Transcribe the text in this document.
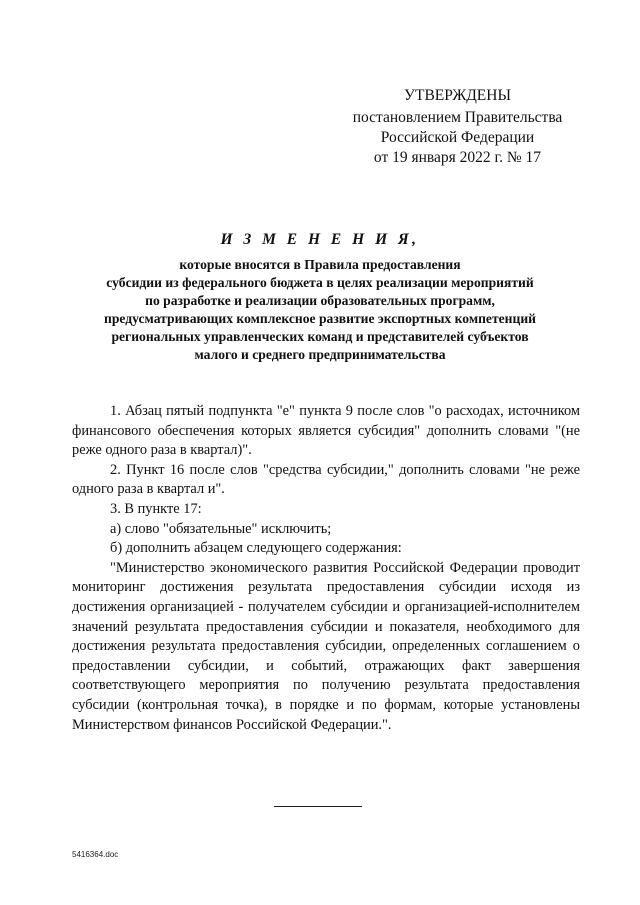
УТВЕРЖДЕНЫ
постановлением Правительства
Российской Федерации
от 19 января 2022 г. № 17
И З М Е Н Е Н И Я,
которые вносятся в Правила предоставления
субсидии из федерального бюджета в целях реализации мероприятий
по разработке и реализации образовательных программ,
предусматривающих комплексное развитие экспортных компетенций
региональных управленческих команд и представителей субъектов
малого и среднего предпринимательства

1. Абзац пятый подпункта "е" пункта 9 после слов "о расходах, источником финансового обеспечения которых является субсидия" дополнить словами "(не реже одного раза в квартал)".

2. Пункт 16 после слов "средства субсидии," дополнить словами "не реже одного раза в квартал и".

3. В пункте 17:

а) слово "обязательные" исключить;

б) дополнить абзацем следующего содержания:

"Министерство экономического развития Российской Федерации проводит мониторинг достижения результата предоставления субсидии исходя из достижения организацией - получателем субсидии и организацией-исполнителем значений результата предоставления субсидии и показателя, необходимого для достижения результата предоставления субсидии, определенных соглашением о предоставлении субсидии, и событий, отражающих факт завершения соответствующего мероприятия по получению результата предоставления субсидии (контрольная точка), в порядке и по формам, которые установлены Министерством финансов Российской Федерации.".

5416364.doc
